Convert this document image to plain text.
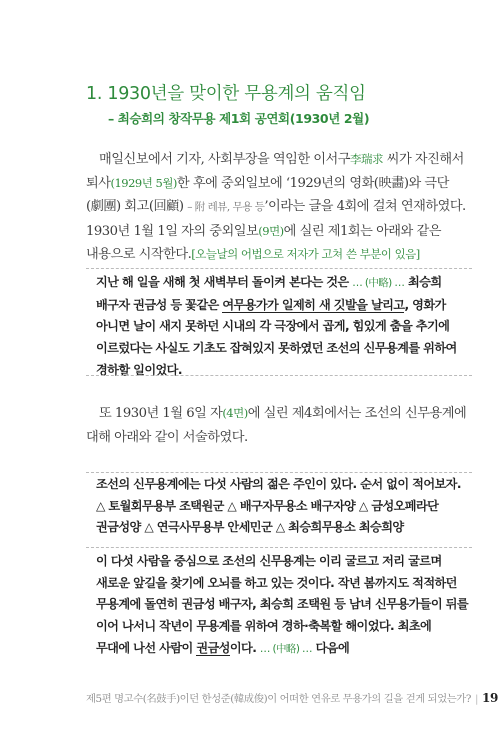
1. 1930년을 맞이한 무용계의 움직임
– 최승희의 창작무용 제1회 공연회(1930년 2월)

매일신보에서 기자, 사회부장을 역임한 이서구李瑞求 씨가 자진해서 퇴사(1929년 5월)한 후에 중외일보에 ‘1929년의 영화(映畵)와 극단(劇團) 회고(回顧) – 附 레뷰, 무용 등’이라는 글을 4회에 걸쳐 연재하였다. 1930년 1월 1일 자의 중외일보(9면)에 실린 제1회는 아래와 같은 내용으로 시작한다.[오늘날의 어법으로 저자가 고쳐 쓴 부분이 있음]

지난 해 일을 새해 첫 새벽부터 돌이켜 본다는 것은 … (中略) … 최승희 배구자 권금성 등 꽃같은 여무용가가 일제히 새 깃발을 날리고, 영화가 아니면 날이 새지 못하던 시내의 각 극장에서 곱게, 힘있게 춤을 추기에 이르렀다는 사실도 기초도 잡혀있지 못하였던 조선의 신무용계를 위하여 경하할 일이었다.

또 1930년 1월 6일 자(4면)에 실린 제4회에서는 조선의 신무용계에 대해 아래와 같이 서술하였다.

조선의 신무용계에는 다섯 사람의 젊은 주인이 있다. 순서 없이 적어보자. △ 토월회무용부 조택원군 △ 배구자무용소 배구자양 △ 금성오페라단 권금성양 △ 연극사무용부 안세민군 △ 최승희무용소 최승희양
이 다섯 사람을 중심으로 조선의 신무용계는 이리 굴르고 저리 굴르며 새로운 앞길을 찾기에 오뇌를 하고 있는 것이다. 작년 봄까지도 적적하던 무용계에 돌연히 권금성 배구자, 최승희 조택원 등 남녀 신무용가들이 뒤를 이어 나서니 작년이 무용계를 위하여 경하·축복할 해이었다. 최초에 무대에 나선 사람이 권금성이다. … (中略) … 다음에
제5편 명고수(名鼓手)이던 한성준(韓成俊)이 어떠한 연유로 무용가의 길을 걷게 되었는가? | 19
